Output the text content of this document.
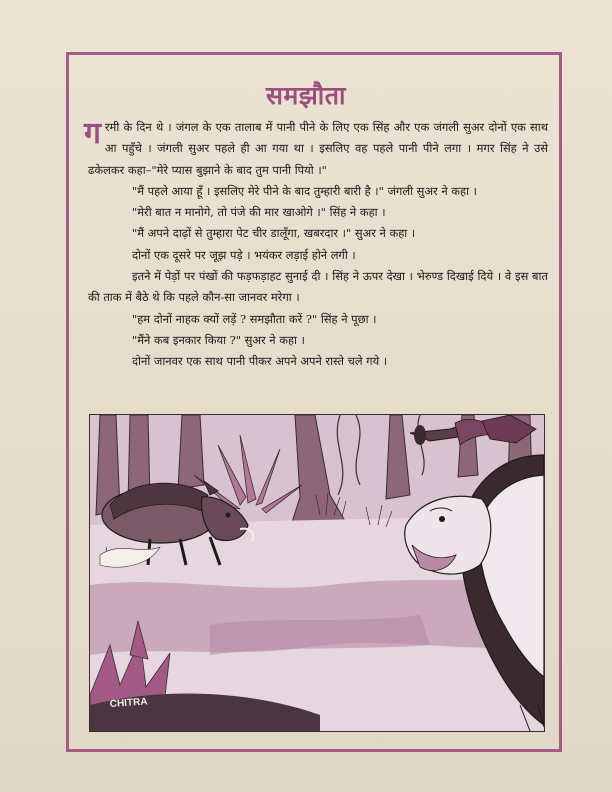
समझौता

गरमी के दिन थे । जंगल के एक तालाब में पानी पीने के लिए एक सिंह और एक जंगली सुअर दोनों एक साथ आ पहुँचे । जंगली सुअर पहले ही आ गया था । इसलिए वह पहले पानी पीने लगा । मगर सिंह ने उसे ढकेलकर कहा–"मेरे प्यास बुझाने के बाद तुम पानी पियो ।"

"मैं पहले आया हूँ । इसलिए मेरे पीने के बाद तुम्हारी बारी है ।" जंगली सुअर ने कहा ।

"मेरी बात न मानोगे, तो पंजे की मार खाओगे ।" सिंह ने कहा ।

"मैं अपने दाढ़ों से तुम्हारा पेट चीर डालूँगा, खबरदार ।" सुअर ने कहा ।

दोनों एक दूसरे पर जूझ पड़े । भयंकर लड़ाई होने लगी ।

इतने में पेड़ों पर पंखों की फड़फड़ाहट सुनाई दी । सिंह ने ऊपर देखा । भेरुण्ड दिखाई दिये । वे इस बात की ताक में बैठे थे कि पहले कौन-सा जानवर मरेगा ।

"हम दोनों नाहक क्यों लड़ें ? समझौता करें ?" सिंह ने पूछा ।

"मैंने कब इनकार किया ?" सुअर ने कहा ।

दोनों जानवर एक साथ पानी पीकर अपने अपने रास्ते चले गये ।

CHITRA
